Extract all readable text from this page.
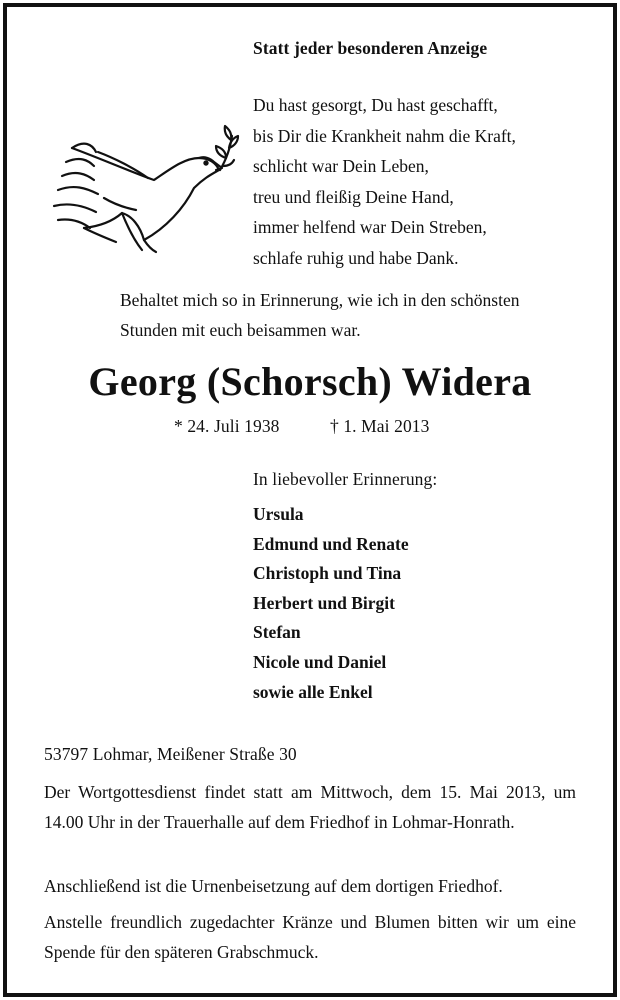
Statt jeder besonderen Anzeige
Du hast gesorgt, Du hast geschafft,
bis Dir die Krankheit nahm die Kraft,
schlicht war Dein Leben,
treu und fleißig Deine Hand,
immer helfend war Dein Streben,
schlafe ruhig und habe Dank.
Behaltet mich so in Erinnerung, wie ich in den schönsten
Stunden mit euch beisammen war.
Georg (Schorsch) Widera
* 24. Juli 1938	† 1. Mai 2013
In liebevoller Erinnerung:
Ursula
Edmund und Renate
Christoph und Tina
Herbert und Birgit
Stefan
Nicole und Daniel
sowie alle Enkel
53797 Lohmar, Meißener Straße 30
Der Wortgottesdienst findet statt am Mittwoch, dem 15. Mai 2013, um 14.00 Uhr in der Trauerhalle auf dem Friedhof in Lohmar-Honrath.
Anschließend ist die Urnenbeisetzung auf dem dortigen Friedhof.
Anstelle freundlich zugedachter Kränze und Blumen bitten wir um eine Spende für den späteren Grabschmuck.
